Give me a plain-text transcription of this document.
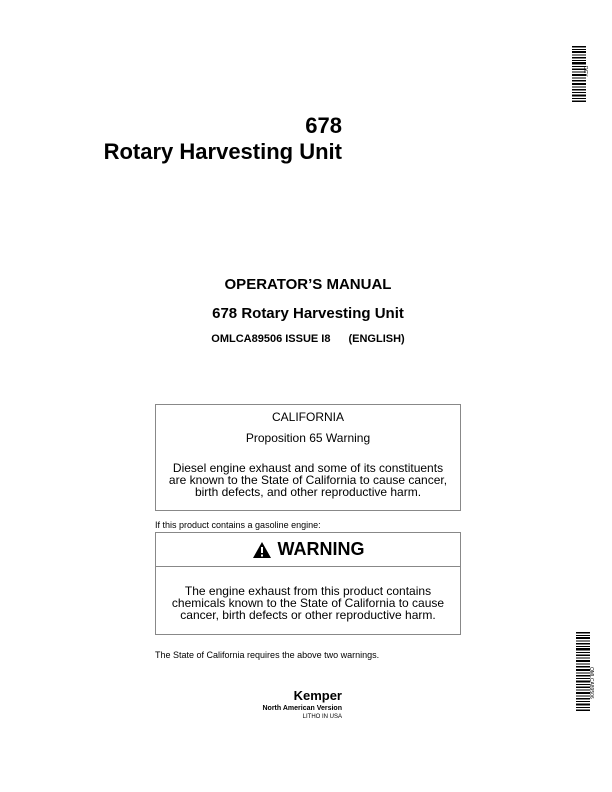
678
Rotary Harvesting Unit
OPERATOR’S MANUAL
678 Rotary Harvesting Unit
OMLCA89506 ISSUE I8 (ENGLISH)
CALIFORNIA
Proposition 65 Warning
Diesel engine exhaust and some of its constituents are known to the State of California to cause cancer, birth defects, and other reproductive harm.
If this product contains a gasoline engine:
WARNING
The engine exhaust from this product contains chemicals known to the State of California to cause cancer, birth defects or other reproductive harm.
The State of California requires the above two warnings.
Kemper
North American Version
LITHO IN USA
DCY
OMLCA89506
